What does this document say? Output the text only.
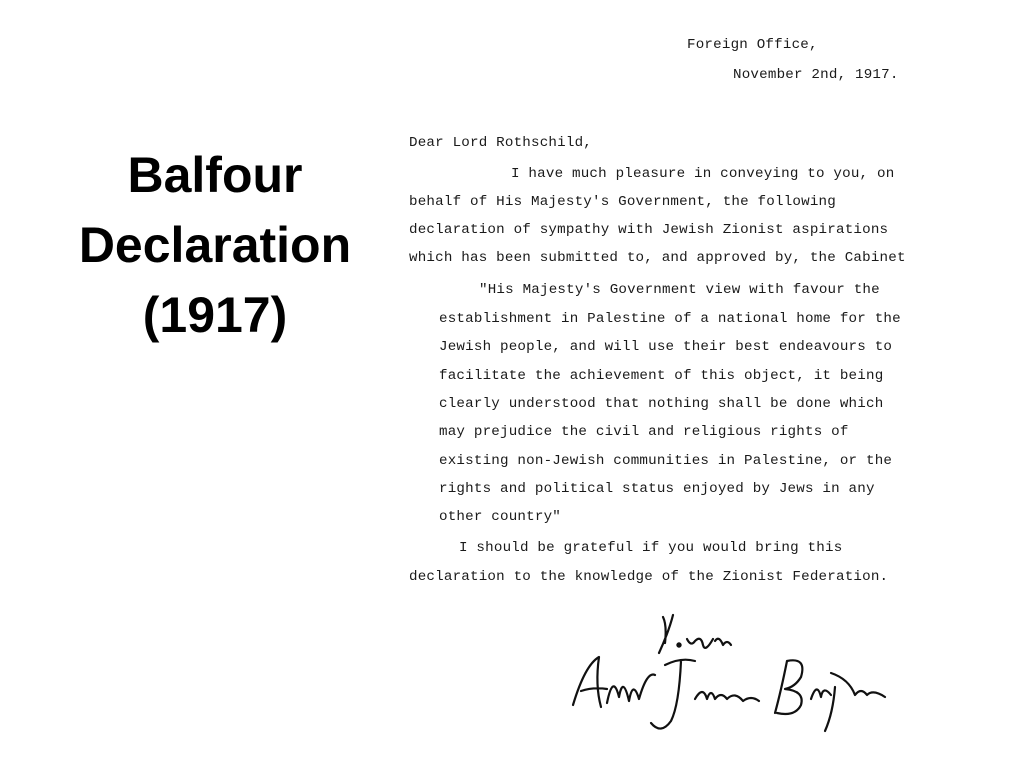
Balfour
Declaration
(1917)
Foreign Office,
November 2nd, 1917.
Dear Lord Rothschild,
I have much pleasure in conveying to you, on
behalf of His Majesty's Government, the following
declaration of sympathy with Jewish Zionist aspirations
which has been submitted to, and approved by, the Cabinet
"His Majesty's Government view with favour the
establishment in Palestine of a national home for the
Jewish people, and will use their best endeavours to
facilitate the achievement of this object, it being
clearly understood that nothing shall be done which
may prejudice the civil and religious rights of
existing non-Jewish communities in Palestine, or the
rights and political status enjoyed by Jews in any
other country"
I should be grateful if you would bring this
declaration to the knowledge of the Zionist Federation.
